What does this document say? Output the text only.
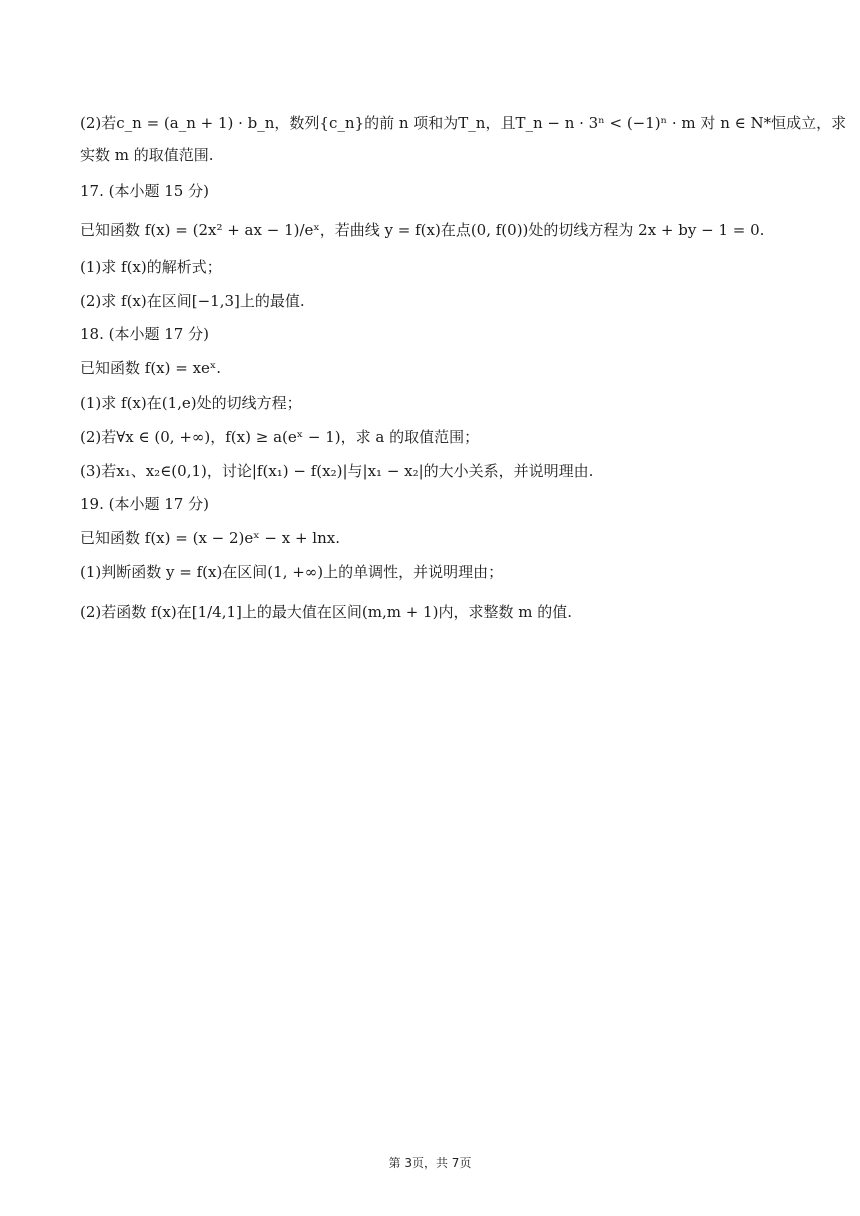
(2)若c_n = (a_n + 1) · b_n，数列{c_n}的前 n 项和为T_n，且T_n − n · 3ⁿ < (−1)ⁿ · m 对 n ∈ N*恒成立，求
实数 m 的取值范围.
17. (本小题 15 分)
已知函数 f(x) = (2x² + ax − 1)/eˣ，若曲线 y = f(x)在点(0, f(0))处的切线方程为 2x + by − 1 = 0.
(1)求 f(x)的解析式；
(2)求 f(x)在区间[−1,3]上的最值.
18. (本小题 17 分)
已知函数 f(x) = xeˣ.
(1)求 f(x)在(1,e)处的切线方程；
(2)若∀x ∈ (0, +∞)，f(x) ≥ a(eˣ − 1)，求 a 的取值范围；
(3)若x₁、x₂∈(0,1)，讨论|f(x₁) − f(x₂)|与|x₁ − x₂|的大小关系，并说明理由.
19. (本小题 17 分)
已知函数 f(x) = (x − 2)eˣ − x + lnx.
(1)判断函数 y = f(x)在区间(1, +∞)上的单调性，并说明理由；
(2)若函数 f(x)在[1/4,1]上的最大值在区间(m,m + 1)内，求整数 m 的值.
第 3页，共 7页
